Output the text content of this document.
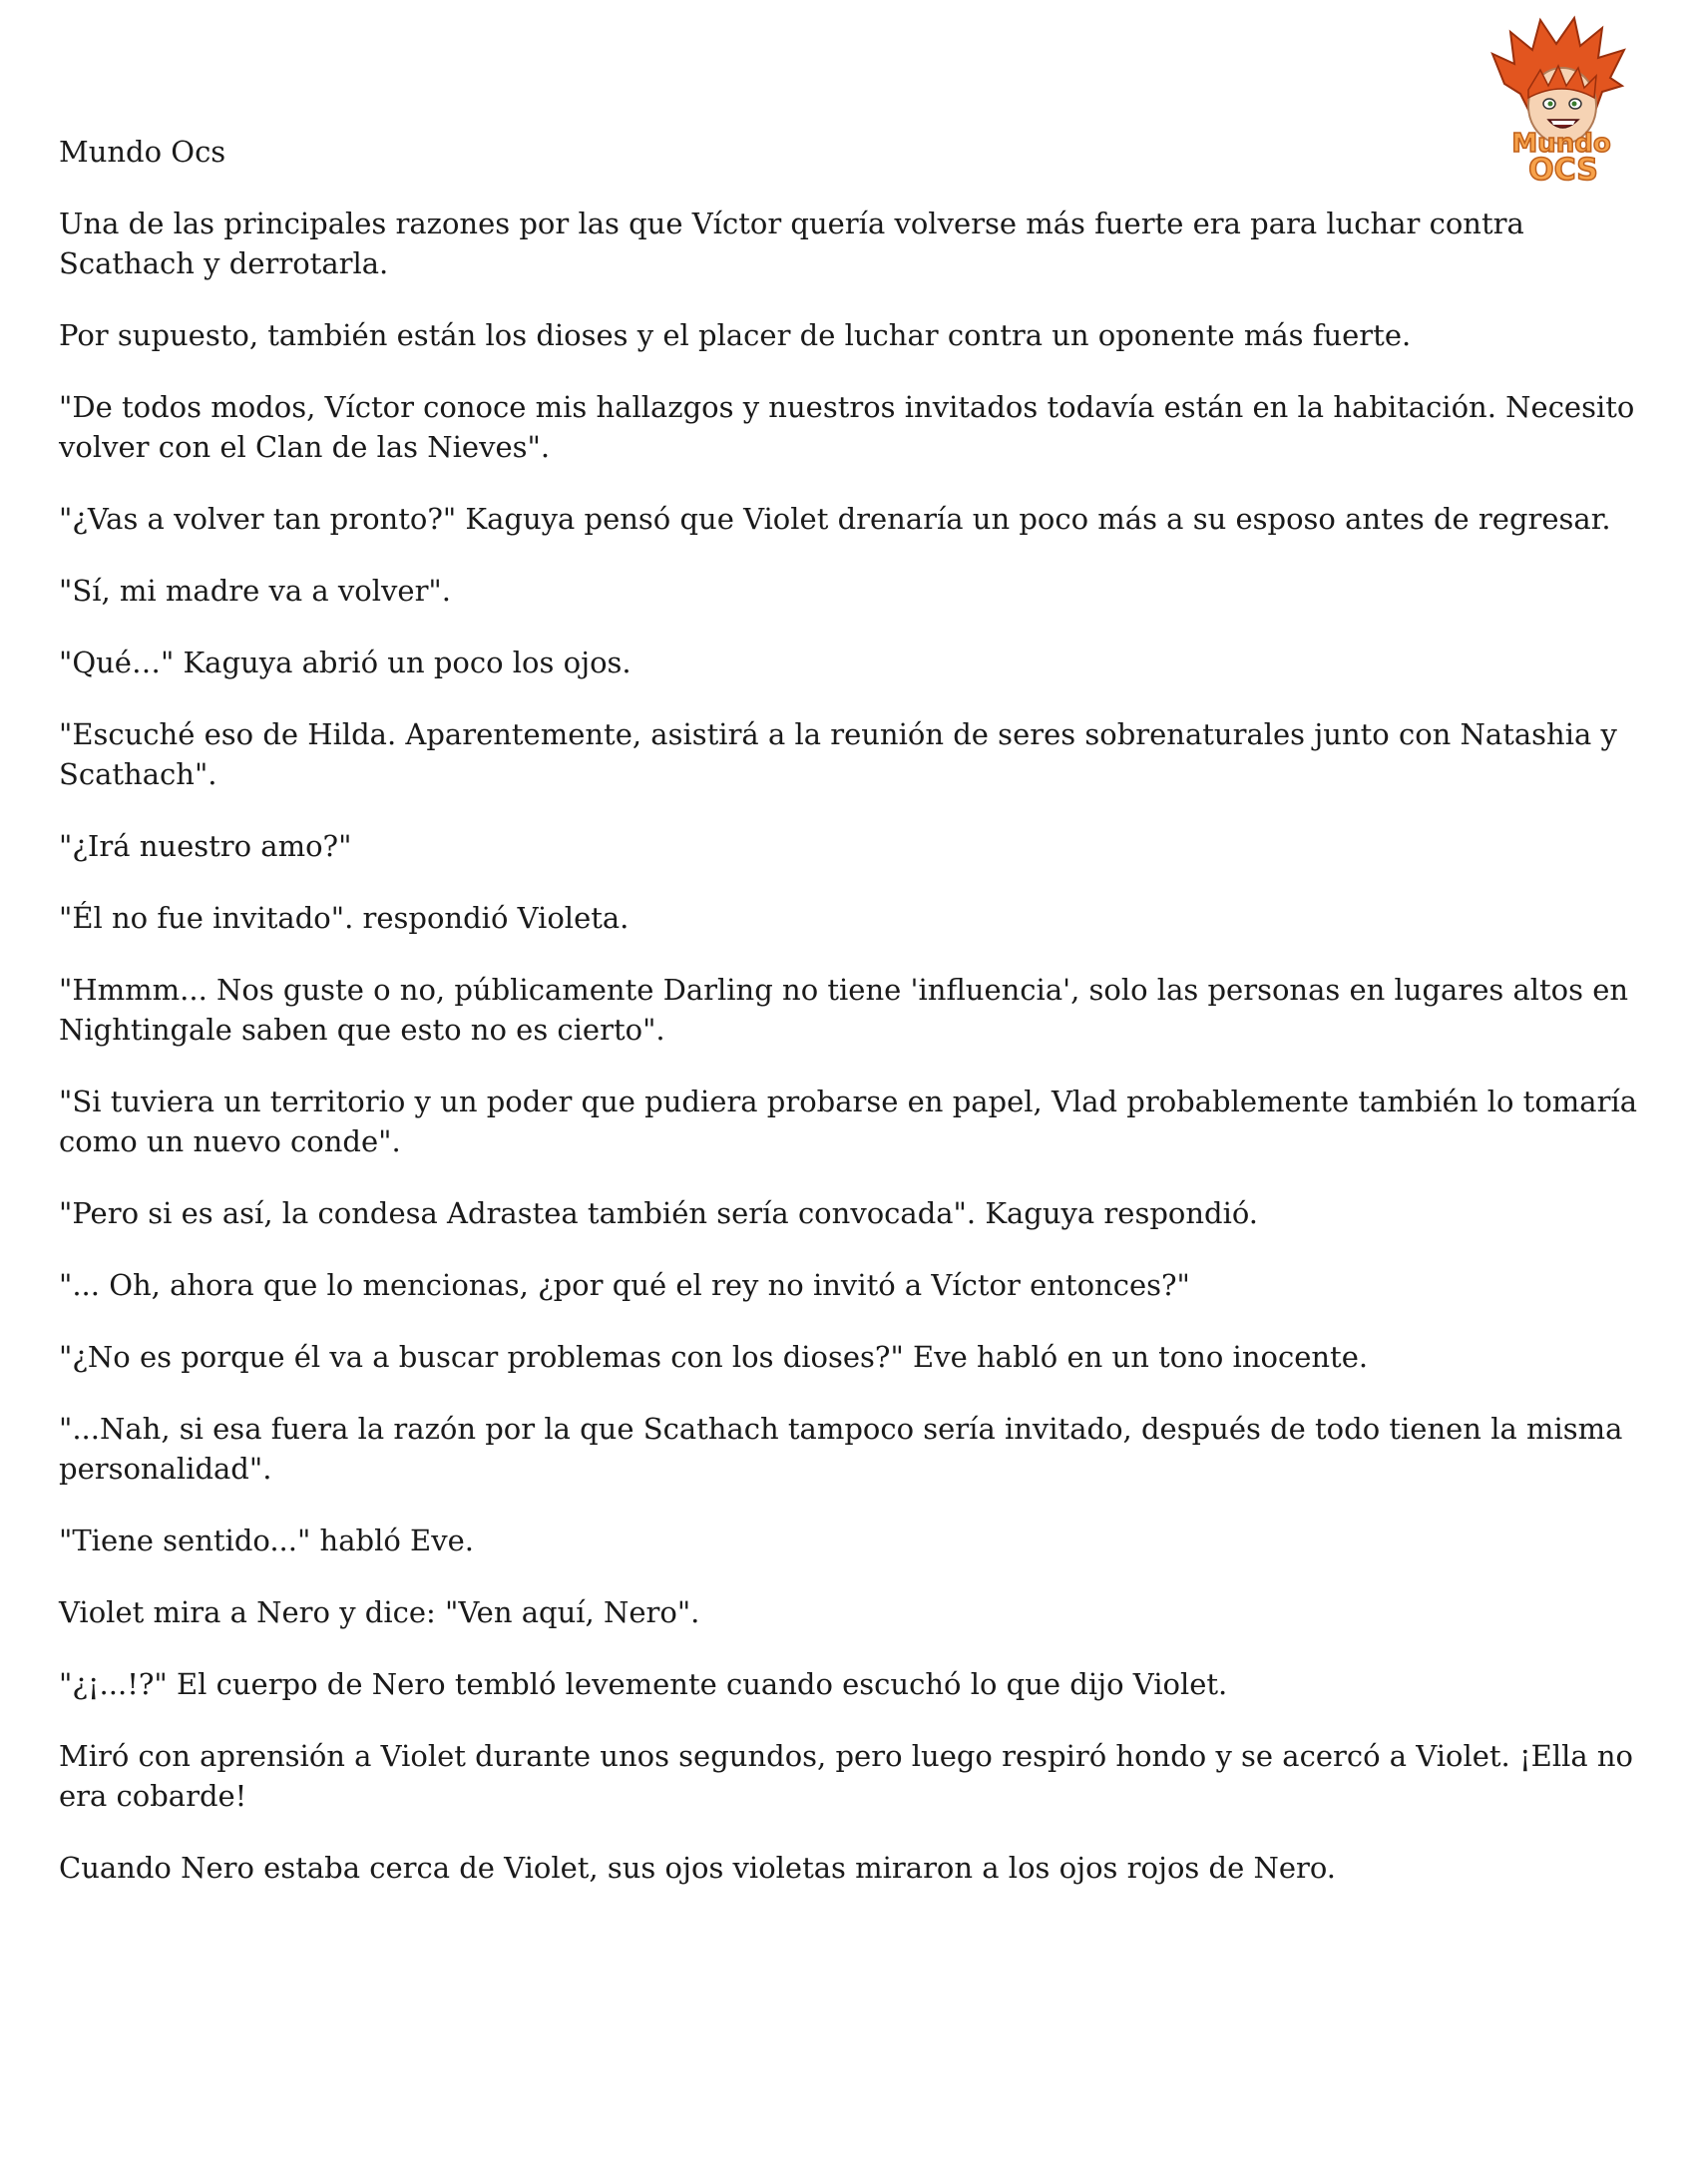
Mundo
OCS
Mundo Ocs

Una de las principales razones por las que Víctor quería volverse más fuerte era para luchar contra Scathach y derrotarla.

Por supuesto, también están los dioses y el placer de luchar contra un oponente más fuerte.

"De todos modos, Víctor conoce mis hallazgos y nuestros invitados todavía están en la habitación. Necesito volver con el Clan de las Nieves".

"¿Vas a volver tan pronto?" Kaguya pensó que Violet drenaría un poco más a su esposo antes de regresar.

"Sí, mi madre va a volver".

"Qué…" Kaguya abrió un poco los ojos.

"Escuché eso de Hilda. Aparentemente, asistirá a la reunión de seres sobrenaturales junto con Natashia y Scathach".

"¿Irá nuestro amo?"

"Él no fue invitado". respondió Violeta.

"Hmmm... Nos guste o no, públicamente Darling no tiene 'influencia', solo las personas en lugares altos en Nightingale saben que esto no es cierto".

"Si tuviera un territorio y un poder que pudiera probarse en papel, Vlad probablemente también lo tomaría como un nuevo conde".

"Pero si es así, la condesa Adrastea también sería convocada". Kaguya respondió.

"... Oh, ahora que lo mencionas, ¿por qué el rey no invitó a Víctor entonces?"

"¿No es porque él va a buscar problemas con los dioses?" Eve habló en un tono inocente.

"...Nah, si esa fuera la razón por la que Scathach tampoco sería invitado, después de todo tienen la misma personalidad".

"Tiene sentido..." habló Eve.

Violet mira a Nero y dice: "Ven aquí, Nero".

"¿¡...!?" El cuerpo de Nero tembló levemente cuando escuchó lo que dijo Violet.

Miró con aprensión a Violet durante unos segundos, pero luego respiró hondo y se acercó a Violet. ¡Ella no era cobarde!

Cuando Nero estaba cerca de Violet, sus ojos violetas miraron a los ojos rojos de Nero.
